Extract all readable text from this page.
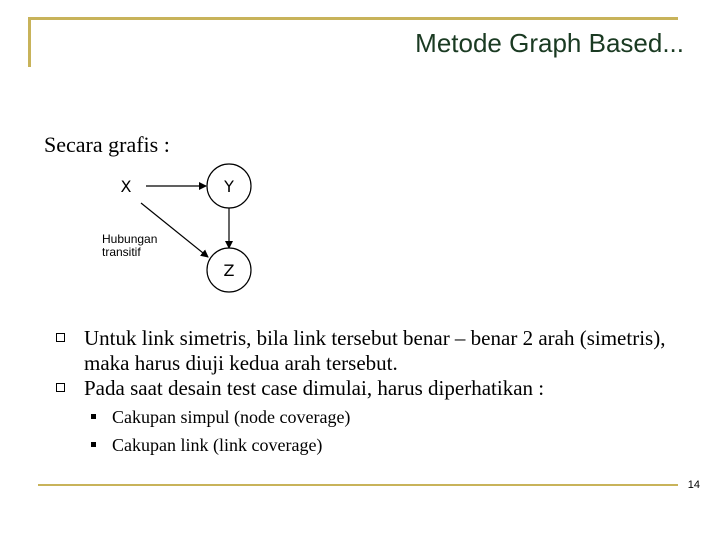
Metode Graph Based...
Secara grafis :
X	Y
Z
Hubungan
transitif
Untuk link simetris, bila link tersebut benar – benar 2 arah (simetris), maka harus diuji kedua arah tersebut.
Pada saat desain test case dimulai, harus diperhatikan :
Cakupan simpul (node coverage)
Cakupan link (link coverage)
14
